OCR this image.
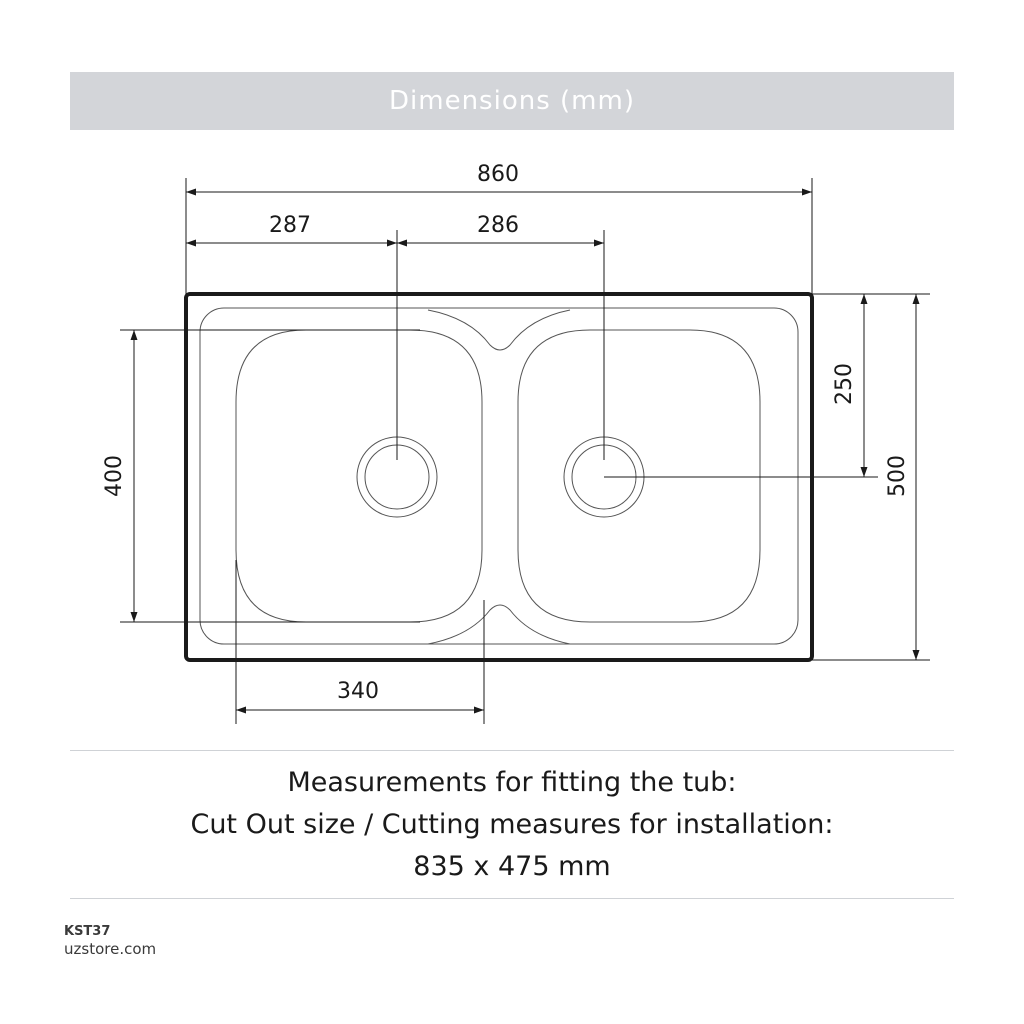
Dimensions (mm)
860
287	286
500
250
400
340
Measurements for fitting the tub:
Cut Out size / Cutting measures for installation:
835 x 475 mm
KST37
uzstore.com
